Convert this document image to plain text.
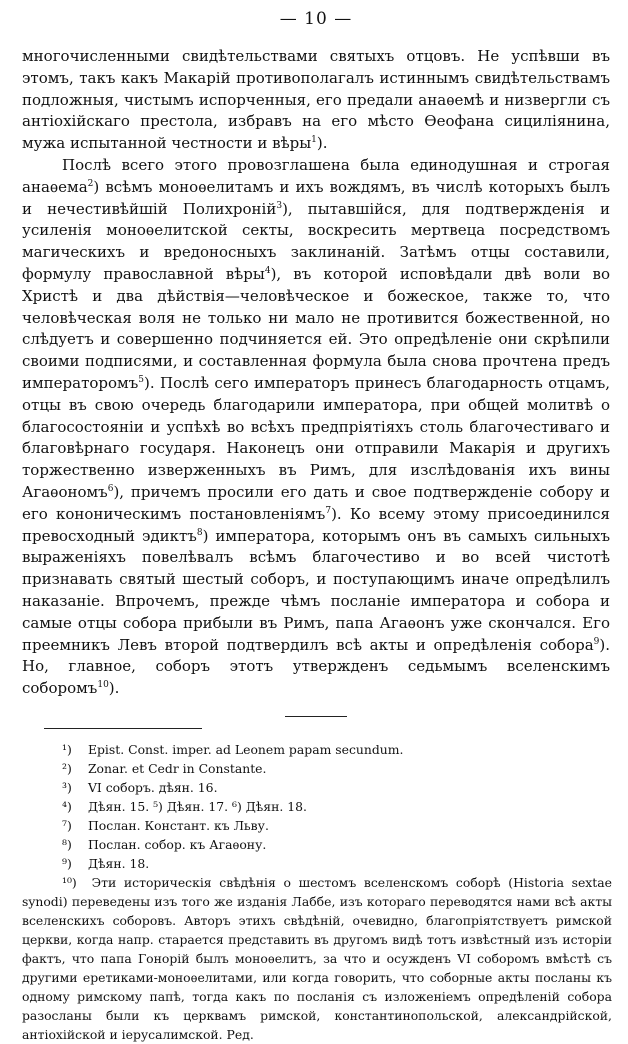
— 10 —

многочисленными свидѣтельствами святыхъ отцовъ. Не успѣвши въ этомъ, такъ какъ Макарій противополагалъ истиннымъ свидѣтельствамъ подложныя, чистымъ испорченныя, его предали анаѳемѣ и низвергли съ антіохійскаго престола, избравъ на его мѣсто Ѳеофана сициліянина, мужа испытанной честности и вѣры$^1$).

Послѣ всего этого провозглашена была единодушная и строгая анаѳема$^2$) всѣмъ моноѳелитамъ и ихъ вождямъ, въ числѣ которыхъ былъ и нечестивѣйшій Полихроній$^3$), пытавшійся, для подтвержденія и усиленія моноѳелитской секты, воскресить мертвеца посредствомъ магическихъ и вредоносныхъ заклинаній. Затѣмъ отцы составили, формулу православной вѣры$^4$), въ которой исповѣдали двѣ воли во Христѣ и два дѣйствія—человѣческое и божеское, также то, что человѣческая воля не только ни мало не противится божественной, но слѣдуетъ и совершенно подчиняется ей. Это опредѣленіе они скрѣпили своими подписями, и составленная формула была снова прочтена предъ императоромъ$^5$). Послѣ сего императоръ принесъ благодарность отцамъ, отцы въ свою очередь благодарили императора, при общей молитвѣ о благосостояніи и успѣхѣ во всѣхъ предпріятіяхъ столь благочестиваго и благовѣрнаго государя. Наконецъ они отправили Макарія и другихъ торжественно изверженныхъ въ Римъ, для изслѣдованія ихъ вины Агаѳономъ$^6$), причемъ просили его дать и свое подтвержденіе собору и его кононическимъ постановленіямъ$^7$). Ко всему этому присоединился превосходный эдиктъ$^8$) императора, которымъ онъ въ самыхъ сильныхъ выраженіяхъ повелѣвалъ всѣмъ благочестиво и во всей чистотѣ признавать святый шестый соборъ, и поступающимъ иначе опредѣлилъ наказаніе. Впрочемъ, прежде чѣмъ посланіе императора и собора и самые отцы собора прибыли въ Римъ, папа Агаѳонъ уже скончался. Его преемникъ Левъ второй подтвердилъ всѣ акты и опредѣленія собора$^9$). Но, главное, соборъ этотъ утвержденъ седьмымъ вселенскимъ соборомъ$^{10}$).

¹) Epist. Const. imper. ad Leonem papam secundum.
²) Zonar. et Cedr in Constante.
³) VI соборъ. дѣян. 16.
⁴) Дѣян. 15. ⁵) Дѣян. 17. ⁶) Дѣян. 18.
⁷) Послан. Констант. къ Льву.
⁸) Послан. собор. къ Агаѳону.
⁹) Дѣян. 18.
¹⁰) Эти историческія свѣдѣнія о шестомъ вселенскомъ соборѣ (Historia sextae synodi) переведены изъ того же изданія Лаббе, изъ котораго переводятся нами всѣ акты вселенскихъ соборовъ. Авторъ этихъ свѣдѣній, очевидно, благопріятствуетъ римской церкви, когда напр. старается представить въ другомъ видѣ тотъ извѣстный изъ исторіи фактъ, что папа Гонорій былъ моноѳелитъ, за что и осужденъ VI соборомъ вмѣстѣ съ другими еретиками-моноѳелитами, или когда говорить, что соборные акты посланы къ одному римскому папѣ, тогда какъ по посланія съ изложеніемъ опредѣленій собора разосланы были къ церквамъ римской, константинопольской, александрійской, антіохійской и іерусалимской. Ред.
